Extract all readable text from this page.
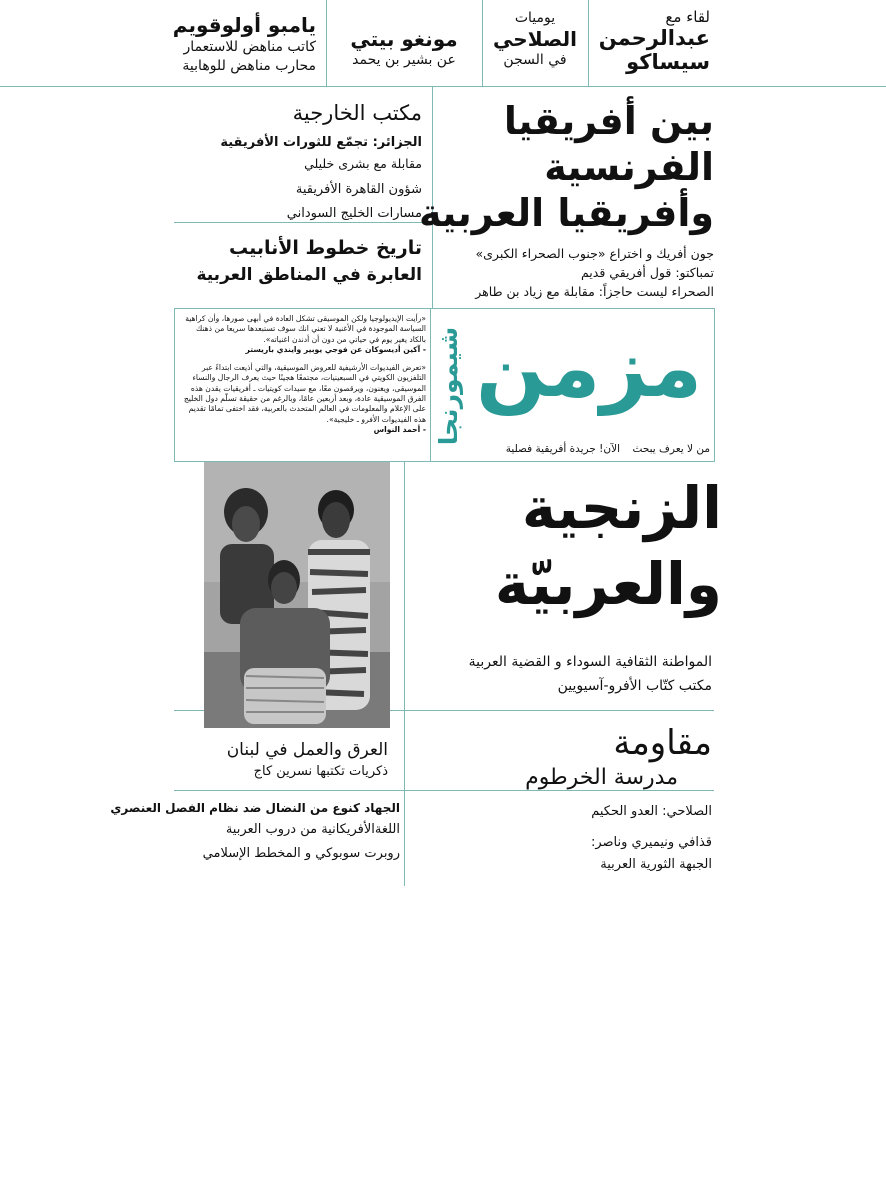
لقاء مع
عبدالرحمن
سيساكو
يوميات
الصلاحي
في السجن
مونغو بيتي
عن بشير بن يحمد
يامبو أولوقويم
كاتب مناهض للاستعمار
محارب مناهض للوهابية
بين أفريقيا
الفرنسية
وأفريقيا العربية
جون أفريك و اختراع «جنوب الصحراء الكبرى»
تمباكتو: قول أفريقي قديم
الصحراء ليست حاجزاً: مقابلة مع زياد بن طاهر
مكتب الخارجية
الجزائر: تجمّع للثورات الأفريقية
مقابلة مع بشرى خليلي
شؤون القاهرة الأفريقية
مسارات الخليج السوداني
تاريخ خطوط الأنابيب
العابرة في المناطق العربية
مزمن
شيمورنجا
من لا يعرف يبحث
الآن! جريدة أفريقية فصلية
«رأيت الإيديولوجيا ولكن الموسيقى تشكل العادة في أبهى صورها، وأن كراهية السياسة الموجودة في الأغنية لا تعني انك سوف تستبعدها سريعا من ذهنك بالكاد يغير يوم في حياتي من دون أن أدندن اغنياته».
- آكين أديسوكان عن فوجي يوبير وايندي باريستر
«تعرض الفيديوات الأرشيفية للعروض الموسيقية، والتي أذيعت ابتداءً عبر التلفزيون الكويتي في السبعينيات، مجتمعًا هجينًا حيث يعرف الرجال والنساء الموسيقى، ويغنون، ويرقصون معًا، مع سيدات كويتيات ـ أفريقيات يقدن هذه الفرق الموسيقية عادة، وبعد أربعين عامًا، وبالرغم من حقيقة تسلّم دول الخليج على الإعلام والمعلومات في العالم المتحدث بالعربية، فقد اختفى تمامًا تقديم هذه الفيديوات الأفرو ـ خليجية».
- أحمد النواس
الزنجية
والعربيّة
المواطنة الثقافية السوداء و القضية العربية
مكتب كتّاب الأفرو-آسيويين
العرق والعمل في لبنان
ذكريات تكتبها نسرين كاج
مقاومة
مدرسة الخرطوم
الجهاد كنوع من النضال ضد نظام الفصل العنصري
اللغةالأفريكانية من دروب العربية
روبرت سوبوكي و المخطط الإسلامي
الصلاحي: العدو الحكيم
قذافي ونيميري وناصر:
الجبهة الثورية العربية
